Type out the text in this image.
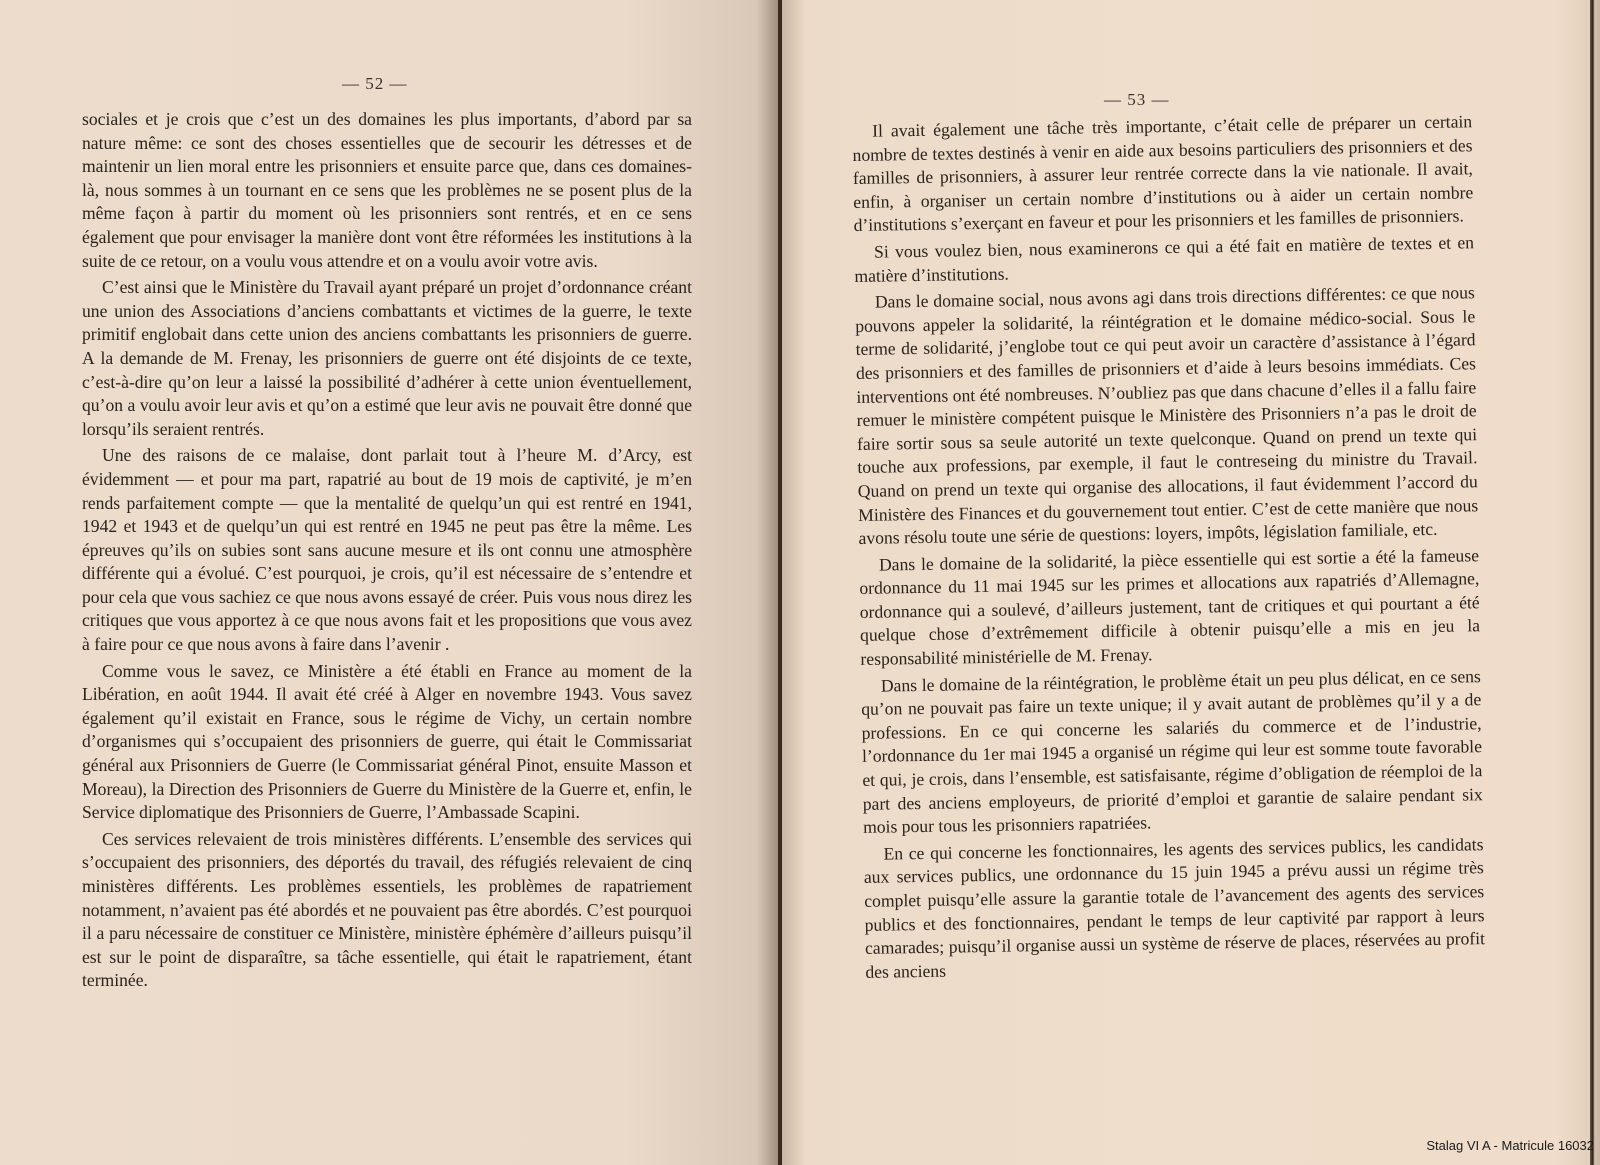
— 52 —

sociales et je crois que c’est un des domaines les plus importants, d’abord par sa nature même: ce sont des choses essentielles que de secourir les détresses et de maintenir un lien moral entre les prisonniers et ensuite parce que, dans ces domaines-là, nous sommes à un tournant en ce sens que les problèmes ne se posent plus de la même façon à partir du moment où les prisonniers sont rentrés, et en ce sens également que pour envisager la manière dont vont être réformées les institutions à la suite de ce retour, on a voulu vous attendre et on a voulu avoir votre avis.

C’est ainsi que le Ministère du Travail ayant préparé un projet d’ordonnance créant une union des Associations d’anciens combattants et victimes de la guerre, le texte primitif englobait dans cette union des anciens combattants les prisonniers de guerre. A la demande de M. Frenay, les prisonniers de guerre ont été disjoints de ce texte, c’est-à-dire qu’on leur a laissé la possibilité d’adhérer à cette union éventuellement, qu’on a voulu avoir leur avis et qu’on a estimé que leur avis ne pouvait être donné que lorsqu’ils seraient rentrés.

Une des raisons de ce malaise, dont parlait tout à l’heure M. d’Arcy, est évidemment — et pour ma part, rapatrié au bout de 19 mois de captivité, je m’en rends parfaitement compte — que la mentalité de quelqu’un qui est rentré en 1941, 1942 et 1943 et de quelqu’un qui est rentré en 1945 ne peut pas être la même. Les épreuves qu’ils on subies sont sans aucune mesure et ils ont connu une atmosphère différente qui a évolué. C’est pourquoi, je crois, qu’il est nécessaire de s’entendre et pour cela que vous sachiez ce que nous avons essayé de créer. Puis vous nous direz les critiques que vous apportez à ce que nous avons fait et les propositions que vous avez à faire pour ce que nous avons à faire dans l’avenir .

Comme vous le savez, ce Ministère a été établi en France au moment de la Libération, en août 1944. Il avait été créé à Alger en novembre 1943. Vous savez également qu’il existait en France, sous le régime de Vichy, un certain nombre d’organismes qui s’occupaient des prisonniers de guerre, qui était le Commissariat général aux Prisonniers de Guerre (le Commissariat général Pinot, ensuite Masson et Moreau), la Direction des Prisonniers de Guerre du Ministère de la Guerre et, enfin, le Service diplomatique des Prisonniers de Guerre, l’Ambassade Scapini.

Ces services relevaient de trois ministères différents. L’ensemble des services qui s’occupaient des prisonniers, des déportés du travail, des réfugiés relevaient de cinq ministères différents. Les problèmes essentiels, les problèmes de rapatriement notamment, n’avaient pas été abordés et ne pouvaient pas être abordés. C’est pourquoi il a paru nécessaire de constituer ce Ministère, ministère éphémère d’ailleurs puisqu’il est sur le point de disparaître, sa tâche essentielle, qui était le rapatriement, étant terminée.

— 53 —

Il avait également une tâche très importante, c’était celle de préparer un certain nombre de textes destinés à venir en aide aux besoins particuliers des prisonniers et des familles de prisonniers, à assurer leur rentrée correcte dans la vie nationale. Il avait, enfin, à organiser un certain nombre d’institutions ou à aider un certain nombre d’institutions s’exerçant en faveur et pour les prisonniers et les familles de prisonniers.

Si vous voulez bien, nous examinerons ce qui a été fait en matière de textes et en matière d’institutions.

Dans le domaine social, nous avons agi dans trois directions différentes: ce que nous pouvons appeler la solidarité, la réintégration et le domaine médico-social. Sous le terme de solidarité, j’englobe tout ce qui peut avoir un caractère d’assistance à l’égard des prisonniers et des familles de prisonniers et d’aide à leurs besoins immédiats. Ces interventions ont été nombreuses. N’oubliez pas que dans chacune d’elles il a fallu faire remuer le ministère compétent puisque le Ministère des Prisonniers n’a pas le droit de faire sortir sous sa seule autorité un texte quelconque. Quand on prend un texte qui touche aux professions, par exemple, il faut le contreseing du ministre du Travail. Quand on prend un texte qui organise des allocations, il faut évidemment l’accord du Ministère des Finances et du gouvernement tout entier. C’est de cette manière que nous avons résolu toute une série de questions: loyers, impôts, législation familiale, etc.

Dans le domaine de la solidarité, la pièce essentielle qui est sortie a été la fameuse ordonnance du 11 mai 1945 sur les primes et allocations aux rapatriés d’Allemagne, ordonnance qui a soulevé, d’ailleurs justement, tant de critiques et qui pourtant a été quelque chose d’extrêmement difficile à obtenir puisqu’elle a mis en jeu la responsabilité ministérielle de M. Frenay.

Dans le domaine de la réintégration, le problème était un peu plus délicat, en ce sens qu’on ne pouvait pas faire un texte unique; il y avait autant de problèmes qu’il y a de professions. En ce qui concerne les salariés du commerce et de l’industrie, l’ordonnance du 1er mai 1945 a organisé un régime qui leur est somme toute favorable et qui, je crois, dans l’ensemble, est satisfaisante, régime d’obligation de réemploi de la part des anciens employeurs, de priorité d’emploi et garantie de salaire pendant six mois pour tous les prisonniers rapatriées.

En ce qui concerne les fonctionnaires, les agents des services publics, les candidats aux services publics, une ordonnance du 15 juin 1945 a prévu aussi un régime très complet puisqu’elle assure la garantie totale de l’avancement des agents des services publics et des fonctionnaires, pendant le temps de leur captivité par rapport à leurs camarades; puisqu’il organise aussi un système de réserve de places, réservées au profit des anciens

Stalag VI A - Matricule 16032
